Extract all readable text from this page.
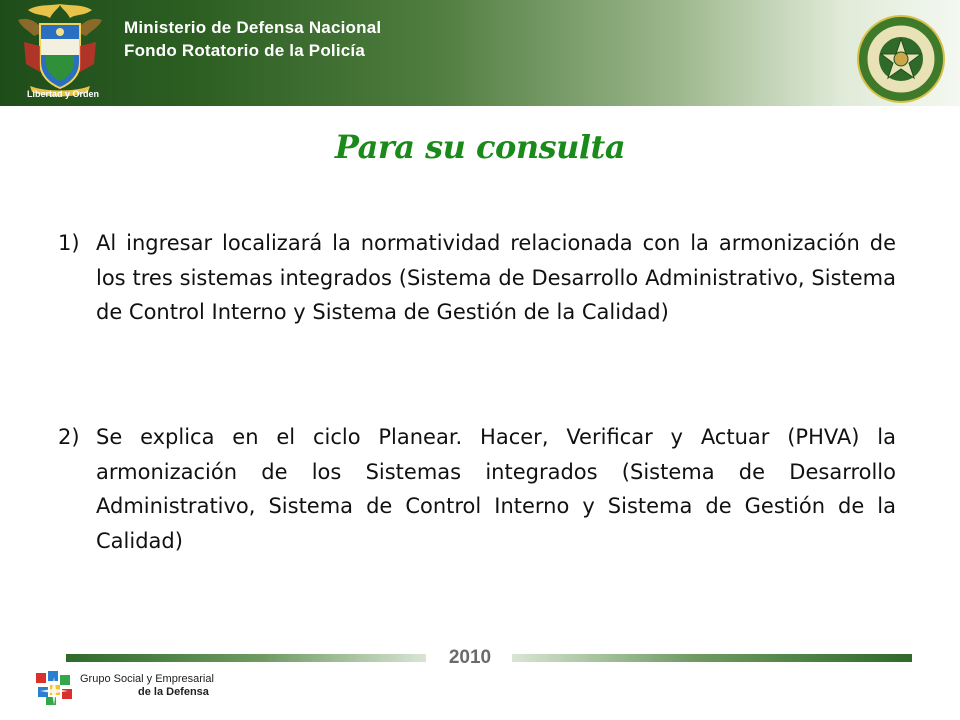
Libertad y Orden
Ministerio de Defensa Nacional
Fondo Rotatorio de la Policía
Para su consulta
1) Al ingresar localizará la normatividad relacionada con la armonización de los tres sistemas integrados (Sistema de Desarrollo Administrativo, Sistema de Control Interno y Sistema de Gestión de la Calidad)
2) Se explica en el ciclo Planear. Hacer, Verificar y Actuar (PHVA) la armonización de los Sistemas integrados (Sistema de Desarrollo Administrativo, Sistema de Control Interno y Sistema de Gestión de la Calidad)
2010
Grupo Social y Empresarial
de la Defensa
